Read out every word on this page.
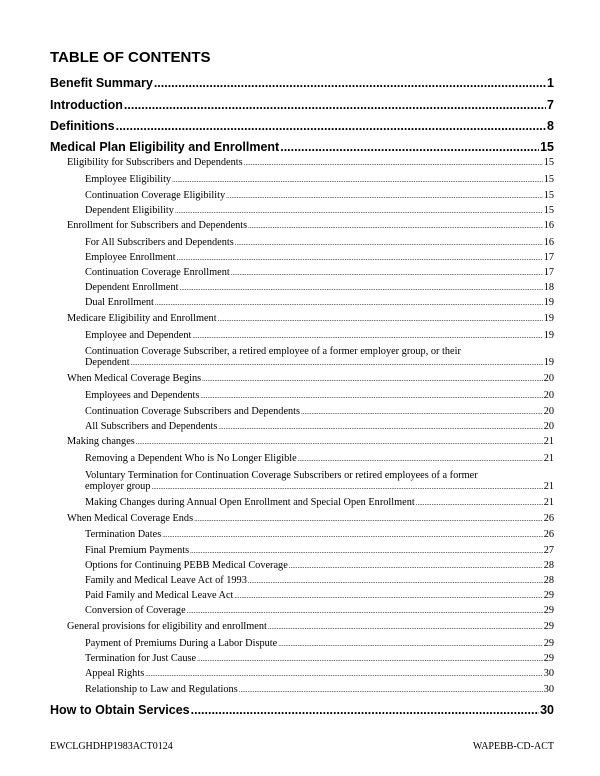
TABLE OF CONTENTS
Benefit Summary .....	1
Introduction .....	7
Definitions .....	8
Medical Plan Eligibility and Enrollment .....	15
Eligibility for Subscribers and Dependents .....	15
Employee Eligibility .....	15
Continuation Coverage Eligibility .....	15
Dependent Eligibility .....	15
Enrollment for Subscribers and Dependents .....	16
For All Subscribers and Dependents .....	16
Employee Enrollment .....	17
Continuation Coverage Enrollment .....	17
Dependent Enrollment .....	18
Dual Enrollment .....	19
Medicare Eligibility and Enrollment .....	19
Employee and Dependent .....	19
Continuation Coverage Subscriber, a retired employee of a former employer group, or their
Dependent .....	19
When Medical Coverage Begins .....	20
Employees and Dependents .....	20
Continuation Coverage Subscribers and Dependents .....	20
All Subscribers and Dependents .....	20
Making changes .....	21
Removing a Dependent Who is No Longer Eligible .....	21
Voluntary Termination for Continuation Coverage Subscribers or retired employees of a former
employer group .....	21
Making Changes during Annual Open Enrollment and Special Open Enrollment .....	21
When Medical Coverage Ends .....	26
Termination Dates .....	26
Final Premium Payments .....	27
Options for Continuing PEBB Medical Coverage .....	28
Family and Medical Leave Act of 1993 .....	28
Paid Family and Medical Leave Act .....	29
Conversion of Coverage .....	29
General provisions for eligibility and enrollment .....	29
Payment of Premiums During a Labor Dispute .....	29
Termination for Just Cause .....	29
Appeal Rights .....	30
Relationship to Law and Regulations .....	30
How to Obtain Services .....	30
EWCLGHDHP1983ACT0124	WAPEBB-CD-ACT
